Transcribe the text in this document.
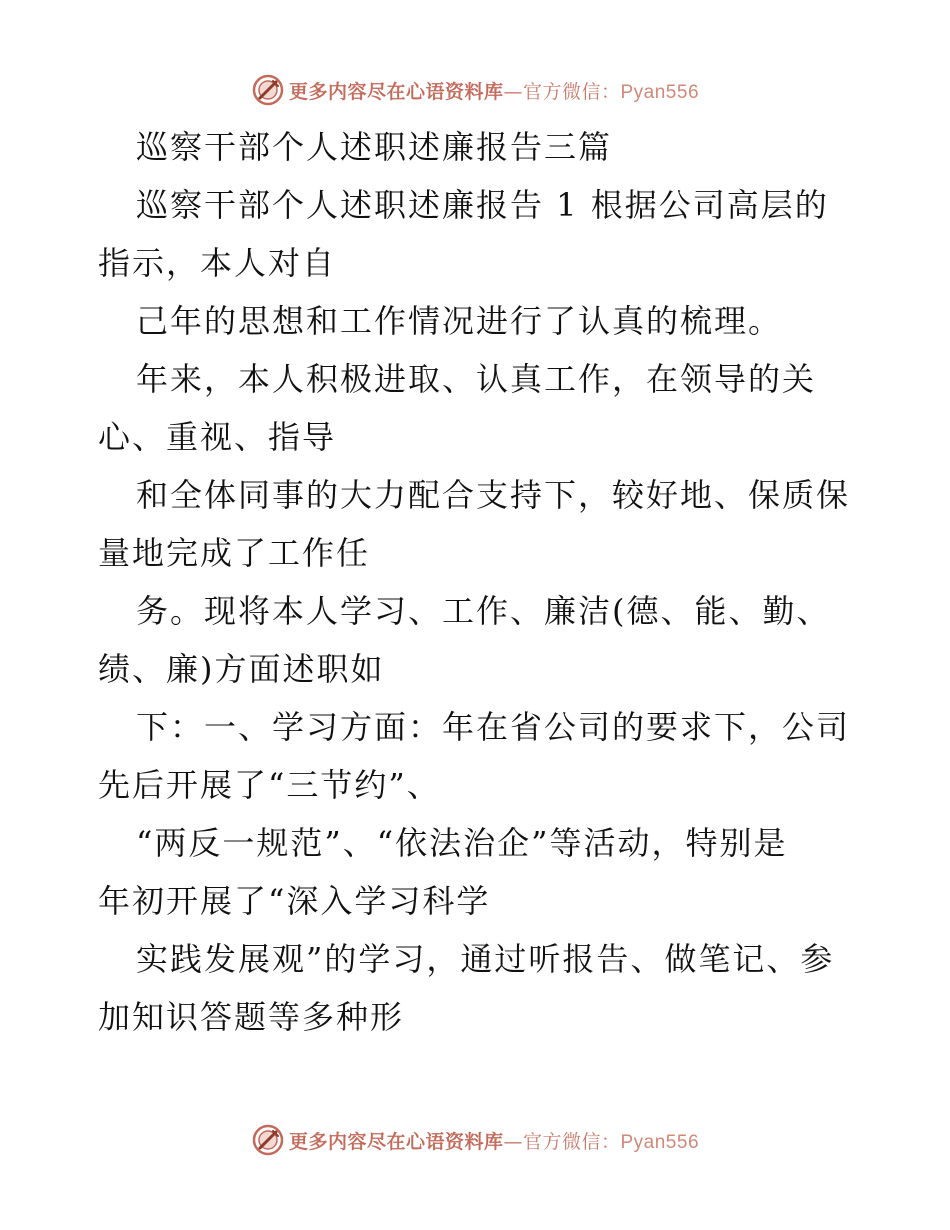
更多内容尽在心语资料库—官方微信：Pyan556
巡察干部个人述职述廉报告三篇
巡察干部个人述职述廉报告 1 根据公司高层的
指示，本人对自
己年的思想和工作情况进行了认真的梳理。
年来，本人积极进取、认真工作，在领导的关
心、重视、指导
和全体同事的大力配合支持下，较好地、保质保
量地完成了工作任
务。现将本人学习、工作、廉洁(德、能、勤、
绩、廉)方面述职如
下：一、学习方面：年在省公司的要求下，公司
先后开展了“三节约”、
“两反一规范”、“依法治企”等活动，特别是
年初开展了“深入学习科学
实践发展观”的学习，通过听报告、做笔记、参
加知识答题等多种形
更多内容尽在心语资料库—官方微信：Pyan556
